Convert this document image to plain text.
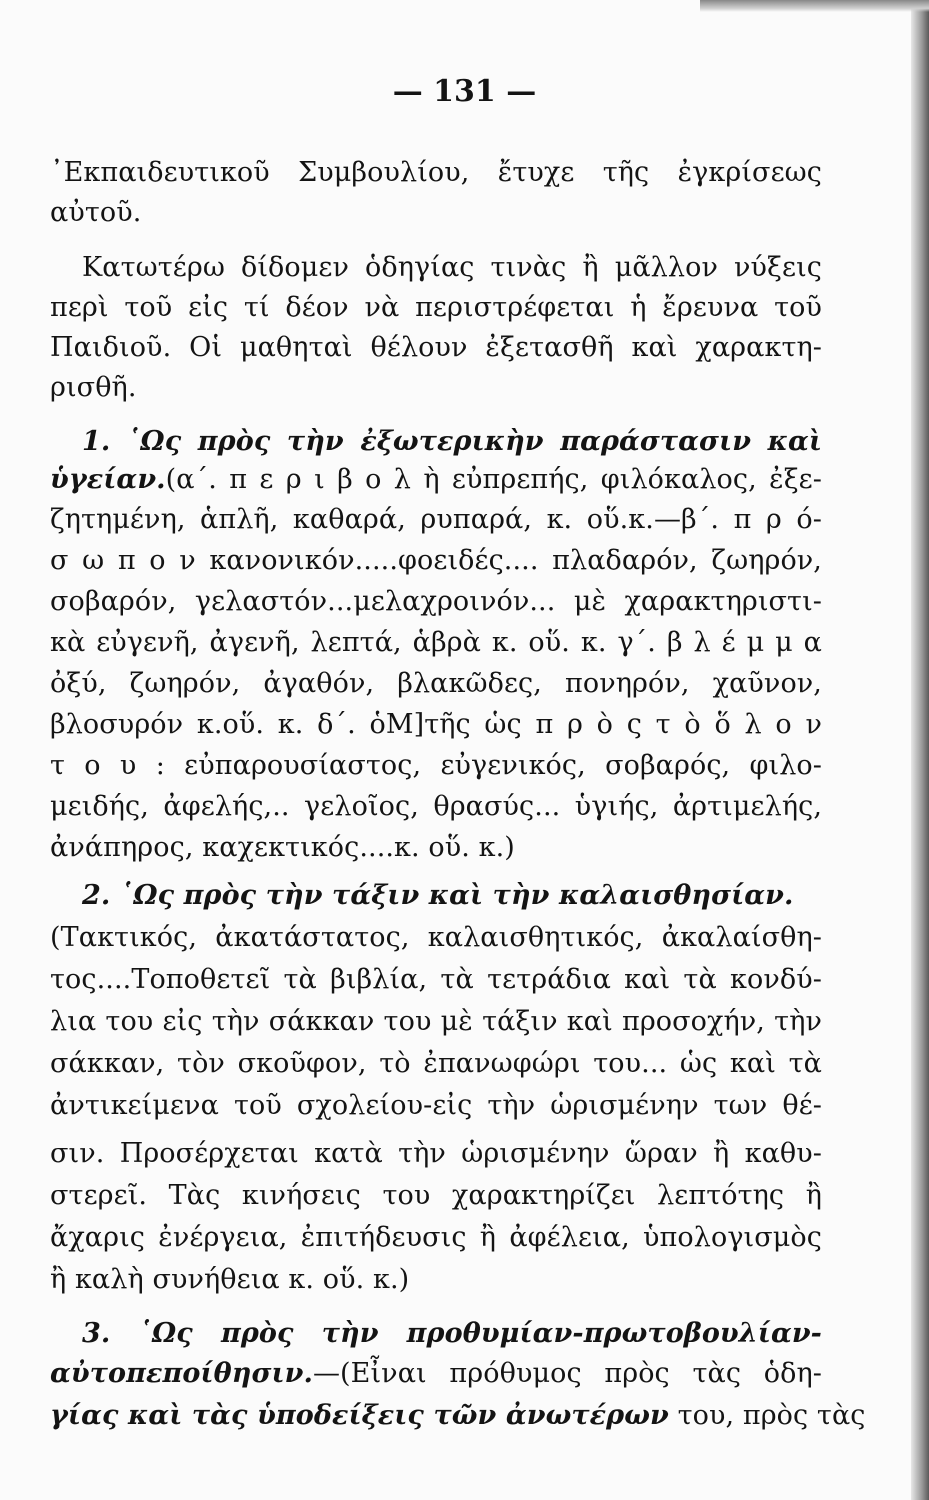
— 131 —
᾿Εκπαιδευτικοῦ Συμβουλίου, ἔτυχε τῆς ἐγκρίσεως
αὐτοῦ.
Κατωτέρω δίδομεν ὁδηγίας τινὰς ἢ μᾶλλον νύξεις
περὶ τοῦ εἰς τί δέον νὰ περιστρέφεται ἡ ἔρευνα τοῦ
Παιδιοῦ. Οἱ μαθηταὶ θέλουν ἐξετασθῆ καὶ χαρακτη-
ρισθῆ.
1. ῾Ως πρὸς τὴν ἐξωτερικὴν παράστασιν καὶ
ὑγείαν.(α΄. π ε ρ ι β ο λ ὴ εὐπρεπής, φιλόκαλος, ἐξε-
ζητημένη, ἁπλῆ, καθαρά, ρυπαρά, κ. οὕ.κ.—β΄. π ρ ό-
σ ω π ο ν κανονικόν.....φοειδές.... πλαδαρόν, ζωηρόν,
σοβαρόν, γελαστόν...μελαχροινόν... μὲ χαρακτηριστι-
κὰ εὐγενῆ, ἀγενῆ, λεπτά, ἁβρὰ κ. οὕ. κ. γ΄. β λ έ μ μ α
ὀξύ, ζωηρόν, ἀγαθόν, βλακῶδες, πονηρόν, χαῦνον,
βλοσυρόν κ.οὕ. κ. δ΄. ὁΜ]τῆς ὡς π ρ ὸ ς τ ὸ ὅ λ ο ν
τ ο υ : εὐπαρουσίαστος, εὐγενικός, σοβαρός, φιλο-
μειδής, ἀφελής,.. γελοῖος, θρασύς... ὑγιής, ἀρτιμελής,
ἀνάπηρος, καχεκτικός....κ. οὕ. κ.)
2. ῾Ως πρὸς τὴν τάξιν καὶ τὴν καλαισθησίαν.
(Τακτικός, ἀκατάστατος, καλαισθητικός, ἀκαλαίσθη-
τος....Τοποθετεῖ τὰ βιβλία, τὰ τετράδια καὶ τὰ κονδύ-
λια του εἰς τὴν σάκκαν του μὲ τάξιν καὶ προσοχήν, τὴν
σάκκαν, τὸν σκοῦφον, τὸ ἐπανωφώρι του... ὡς καὶ τὰ
ἀντικείμενα τοῦ σχολείου-εἰς τὴν ὡρισμένην των θέ-
σιν. Προσέρχεται κατὰ τὴν ὡρισμένην ὥραν ἢ καθυ-
στερεῖ. Τὰς κινήσεις του χαρακτηρίζει λεπτότης ἢ
ἄχαρις ἐνέργεια, ἐπιτήδευσις ἢ ἀφέλεια, ὑπολογισμὸς
ἢ καλὴ συνήθεια κ. οὕ. κ.)
3. ῾Ως πρὸς τὴν προθυμίαν-πρωτοβουλίαν-
αὐτοπεποίθησιν.—(Εἶναι πρόθυμος πρὸς τὰς ὁδη-
γίας καὶ τὰς ὑποδείξεις τῶν ἀνωτέρων του, πρὸς τὰς
